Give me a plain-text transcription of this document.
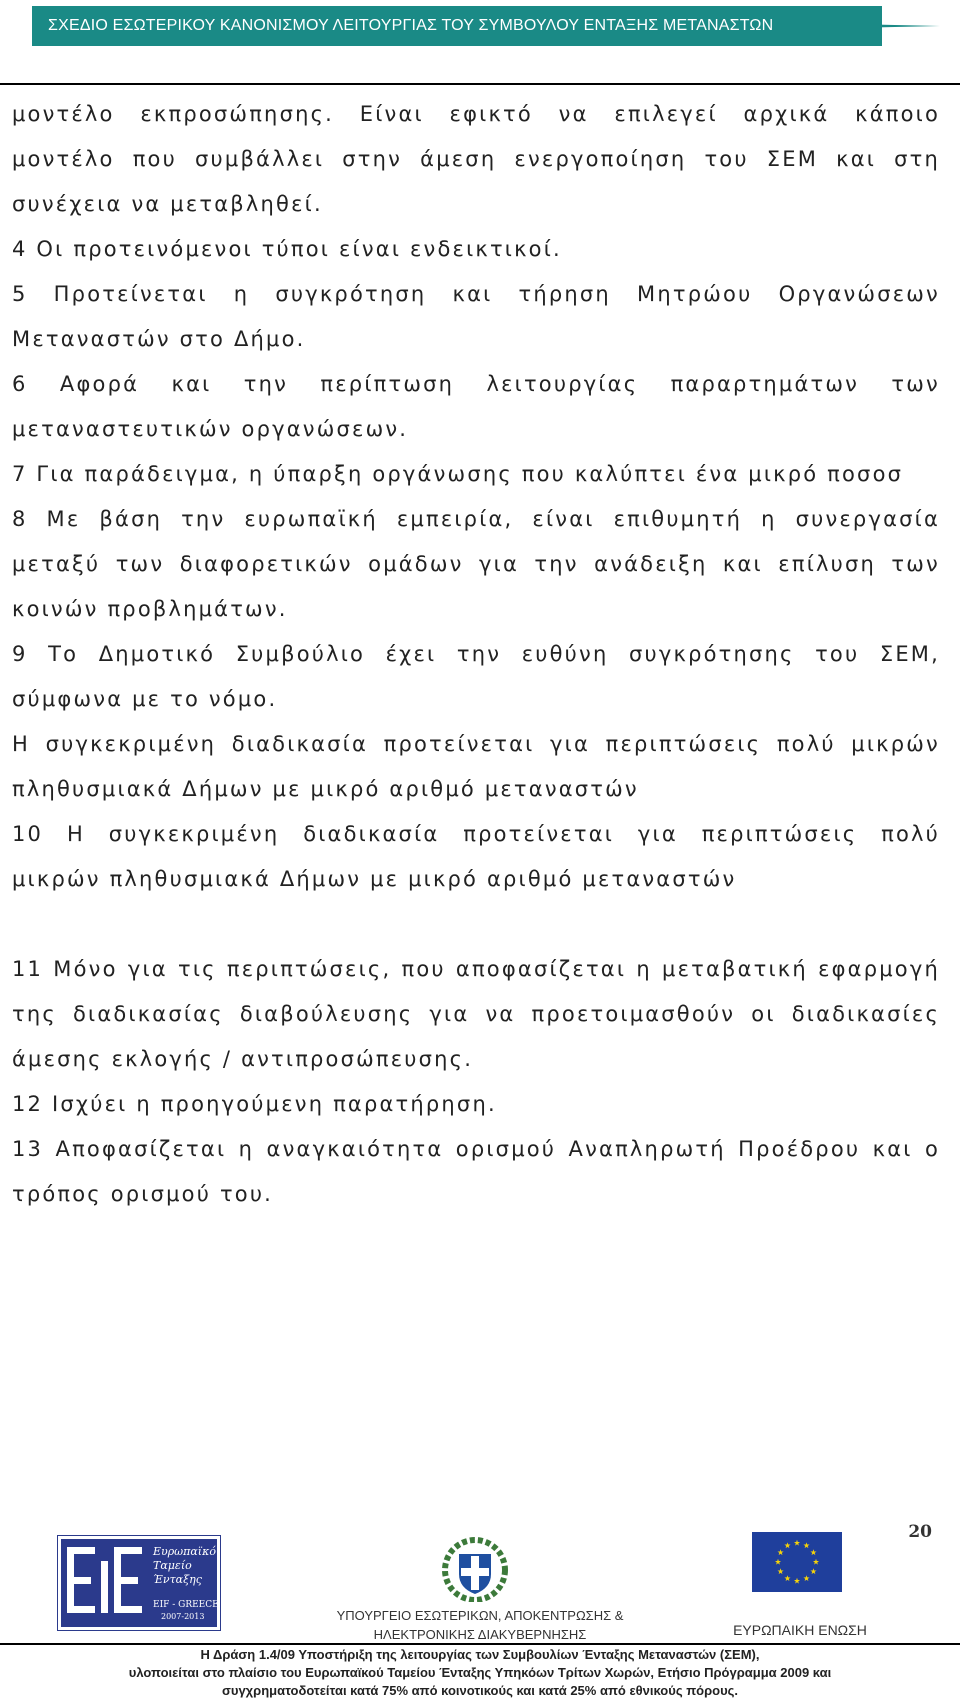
ΣΧΕΔΙΟ ΕΣΩΤΕΡΙΚΟΥ ΚΑΝΟΝΙΣΜΟΥ ΛΕΙΤΟΥΡΓΙΑΣ ΤΟΥ ΣΥΜΒΟΥΛΟΥ ΕΝΤΑΞΗΣ ΜΕΤΑΝΑΣΤΩΝ
μοντέλο εκπροσώπησης. Είναι εφικτό να επιλεγεί αρχικά κάποιο
μοντέλο που συμβάλλει στην άμεση ενεργοποίηση του ΣΕΜ και στη
συνέχεια να μεταβληθεί.
4 Οι προτεινόμενοι τύποι είναι ενδεικτικοί.
5 Προτείνεται η συγκρότηση και τήρηση Μητρώου Οργανώσεων
Μεταναστών στο Δήμο.
6 Αφορά και την περίπτωση λειτουργίας παραρτημάτων των
μεταναστευτικών οργανώσεων.
7 Για παράδειγμα, η ύπαρξη οργάνωσης που καλύπτει ένα μικρό ποσοσ
8 Με βάση την ευρωπαϊκή εμπειρία, είναι επιθυμητή η συνεργασία
μεταξύ των διαφορετικών ομάδων για την ανάδειξη και επίλυση των
κοινών προβλημάτων.
9 Το Δημοτικό Συμβούλιο έχει την ευθύνη συγκρότησης του ΣΕΜ,
σύμφωνα με το νόμο.
Η συγκεκριμένη διαδικασία προτείνεται για περιπτώσεις πολύ μικρών
πληθυσμιακά Δήμων με μικρό αριθμό μεταναστών
10 Η συγκεκριμένη διαδικασία προτείνεται για περιπτώσεις πολύ
μικρών πληθυσμιακά Δήμων με μικρό αριθμό μεταναστών
11 Μόνο για τις περιπτώσεις, που αποφασίζεται η μεταβατική εφαρμογή
της διαδικασίας διαβούλευσης για να προετοιμασθούν οι διαδικασίες
άμεσης εκλογής / αντιπροσώπευσης.
12 Ισχύει η προηγούμενη παρατήρηση.
13 Αποφασίζεται η αναγκαιότητα ορισμού Αναπληρωτή Προέδρου και ο
τρόπος ορισμού του.
20
Ευρωπαϊκό
Ταμείο
Ένταξης
EIF - GREECE
2007-2013	ΥΠΟΥΡΓΕΙΟ ΕΣΩΤΕΡΙΚΩΝ, ΑΠΟΚΕΝΤΡΩΣΗΣ &
ΗΛΕΚΤΡΟΝΙΚΗΣ ΔΙΑΚΥΒΕΡΝΗΣΗΣ	ΕΥΡΩΠΑΙΚΗ ΕΝΩΣΗ
Η Δράση 1.4/09 Υποστήριξη της λειτουργίας των Συμβουλίων Ένταξης Μεταναστών (ΣΕΜ),
υλοποιείται στο πλαίσιο του Ευρωπαϊκού Ταμείου Ένταξης Υπηκόων Τρίτων Χωρών, Ετήσιο Πρόγραμμα 2009 και
συγχρηματοδοτείται κατά 75% από κοινοτικούς και κατά 25% από εθνικούς πόρους.
